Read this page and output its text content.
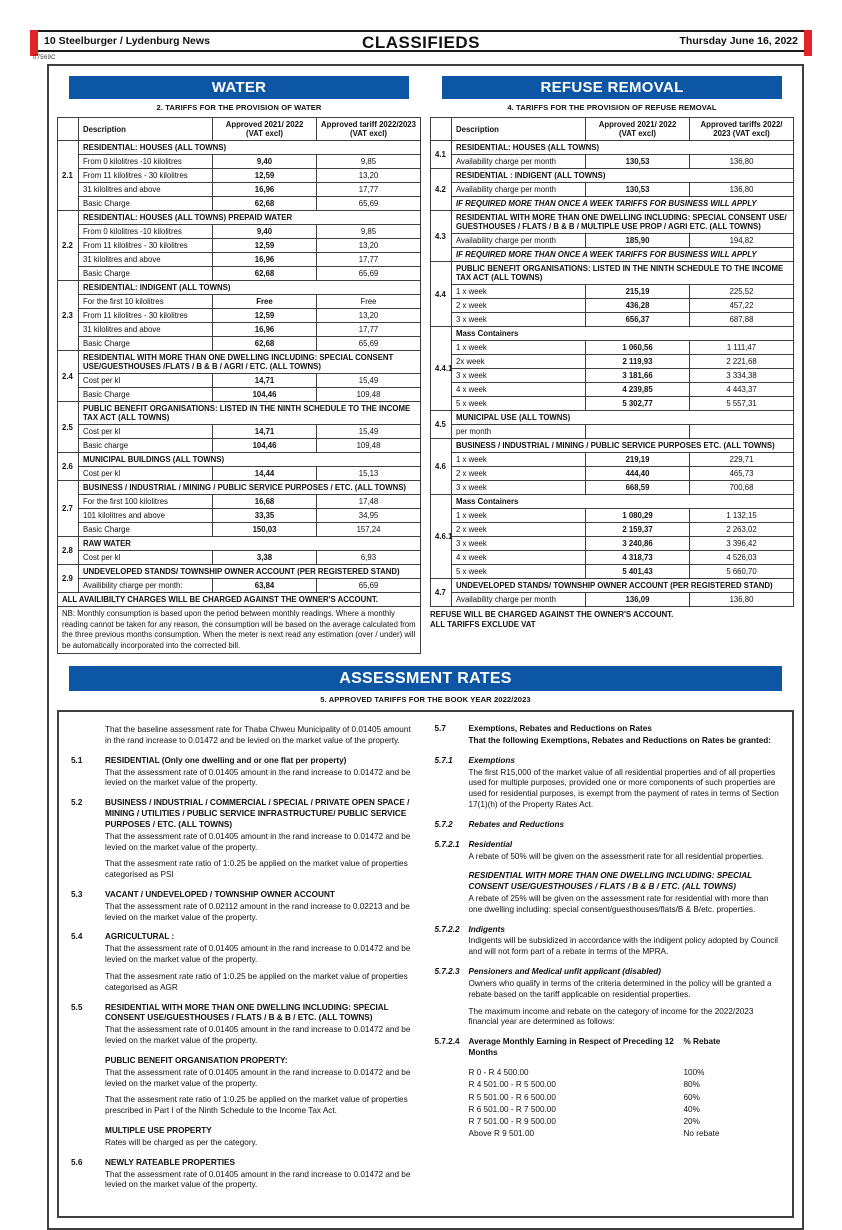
10 Steelburger / Lydenburg News	CLASSIFIEDS	Thursday June 16, 2022
07569C
WATER
2. TARIFFS FOR THE PROVISION OF WATER
	Description	Approved 2021/ 2022 (VAT excl)	Approved tariff 2022/2023 (VAT excl)
2.1	RESIDENTIAL: HOUSES (ALL TOWNS)		
	From 0 kilolitres -10 kilolitres	9,40	9,85
	From 11 kilolitres - 30 kilolitres	12,59	13,20
	31 kilolitres and above	16,96	17,77
	Basic Charge	62,68	65,69
2.2	RESIDENTIAL: HOUSES (ALL TOWNS) PREPAID WATER		
	From 0 kilolitres -10 kilolitres	9,40	9,85
	From 11 kilolitres - 30 kilolitres	12,59	13,20
	31 kilolitres and above	16,96	17,77
	Basic Charge	62,68	65,69
2.3	RESIDENTIAL: INDIGENT (ALL TOWNS)		
	For the first 10 kilolitres	Free	Free
	From 11 kilolitres - 30 kilolitres	12,59	13,20
	31 kilolitres and above	16,96	17,77
	Basic Charge	62,68	65,69
2.4	RESIDENTIAL WITH MORE THAN ONE DWELLING INCLUDING: SPECIAL CONSENT USE/GUESTHOUSES /FLATS / B & B / AGRI / ETC. (ALL TOWNS)		
	Cost per kl	14,71	15,49
	Basic Charge	104,46	109,48
2.5	PUBLIC BENEFIT ORGANISATIONS: LISTED IN THE NINTH SCHEDULE TO THE INCOME TAX ACT (ALL TOWNS)		
	Cost per kl	14,71	15,49
	Basic charge	104,46	109,48
2.6	MUNICIPAL BUILDINGS (ALL TOWNS)		
	Cost per kl	14,44	15,13
2.7	BUSINESS / INDUSTRIAL / MINING / PUBLIC SERVICE PURPOSES / ETC. (ALL TOWNS)		
	For the first 100 kilolitres	16,68	17,48
	101 kilolitres and above	33,35	34,95
	Basic Charge	150,03	157,24
2.8	RAW WATER		
	Cost per kl	3,38	6,93
2.9	UNDEVELOPED STANDS/ TOWNSHIP OWNER ACCOUNT (PER REGISTERED STAND)		
	Availibility charge per month:	63,84	65,69
ALL AVAILIBILTY CHARGES WILL BE CHARGED AGAINST THE OWNER'S ACCOUNT.			
NB: Monthly consumption is based upon the period between monthly readings. Where a monthly reading cannot be taken for any reason, the consumption will be based on the average calculated from the three previous months consumption. When the meter is next read any estimation (over / under) will be automatically incorporated into the corrected bill.			
REFUSE REMOVAL
4. TARIFFS FOR THE PROVISION OF REFUSE REMOVAL
	Description	Approved 2021/ 2022 (VAT excl)	Approved tariffs 2022/ 2023 (VAT excl)
4.1	RESIDENTIAL: HOUSES (ALL TOWNS)		
	Availability charge per month	130,53	136,80
4.2	RESIDENTIAL : INDIGENT (ALL TOWNS)		
	Availability charge per month	130,53	136,80
	IF REQUIRED MORE THAN ONCE A WEEK TARIFFS FOR BUSINESS WILL APPLY		
4.3	RESIDENTIAL WITH MORE THAN ONE DWELLING INCLUDING: SPECIAL CONSENT USE/ GUESTHOUSES / FLATS / B & B / MULTIPLE USE PROP / AGRI ETC. (ALL TOWNS)		
	Availability charge per month	185,90	194,82
	IF REQUIRED MORE THAN ONCE A WEEK TARIFFS FOR BUSINESS WILL APPLY		
4.4	PUBLIC BENEFIT ORGANISATIONS: LISTED IN THE NINTH SCHEDULE TO THE INCOME TAX ACT (ALL TOWNS)		
	1 x week	215,19	225,52
	2 x week	436,28	457,22
	3 x week	656,37	687,88
4.4.1	Mass Containers		
	1 x week	1 060,56	1 111,47
	2x week	2 119,93	2 221,68
	3 x week	3 181,66	3 334,38
	4 x week	4 239,85	4 443,37
	5 x week	5 302,77	5 557,31
4.5	MUNICIPAL USE (ALL TOWNS)		
	per month		
4.6	BUSINESS / INDUSTRIAL / MINING / PUBLIC SERVICE PURPOSES ETC. (ALL TOWNS)		
	1 x week	219,19	229,71
	2 x week	444,40	465,73
	3 x week	668,59	700,68
4.6.1	Mass Containers		
	1 x week	1 080,29	1 132,15
	2 x week	2 159,37	2 263,02
	3 x week	3 240,86	3 396,42
	4 x week	4 318,73	4 526,03
	5 x week	5 401,43	5 660,70
4.7	UNDEVELOPED STANDS/ TOWNSHIP OWNER ACCOUNT (PER REGISTERED STAND)		
	Availability charge per month	136,09	136,80
REFUSE WILL BE CHARGED AGAINST THE OWNER'S ACCOUNT.
ALL TARIFFS EXCLUDE VAT
ASSESSMENT RATES
5. APPROVED TARIFFS FOR THE BOOK YEAR 2022/2023

That the baseline assessment rate for Thaba Chweu Municipality of 0.01405 amount in the rand increase to 0.01472 and be levied on the market value of the property.

5.1	RESIDENTIAL (Only one dwelling and or one flat per property)

That the assessment rate of 0.01405 amount in the rand increase to 0.01472 and be levied on the market value of the property.

5.2	BUSINESS / INDUSTRIAL / COMMERCIAL / SPECIAL / PRIVATE OPEN SPACE / MINING / UTILITIES / PUBLIC SERVICE INFRASTRUCTURE/ PUBLIC SERVICE PURPOSES / ETC. (ALL TOWNS)

That the assessment rate of 0.01405 amount in the rand increase to 0.01472 and be levied on the market value of the property.

That the assesment rate ratio of 1:0.25 be applied on the market value of properties categorised as PSI

5.3	VACANT / UNDEVELOPED / TOWNSHIP OWNER ACCOUNT

That the assessment rate of 0.02112 amount in the rand increase to 0.02213 and be levied on the market value of the property.

5.4	AGRICULTURAL :

That the assessment rate of 0.01405 amount in the rand increase to 0.01472 and be levied on the market value of the property.

That the assesment rate ratio of 1:0.25 be applied on the market value of properties categorised as AGR

5.5	RESIDENTIAL WITH MORE THAN ONE DWELLING INCLUDING: SPECIAL CONSENT USE/GUESTHOUSES / FLATS / B & B / ETC. (ALL TOWNS)

That the assessment rate of 0.01405 amount in the rand increase to 0.01472 and be levied on the market value of the property.

PUBLIC BENEFIT ORGANISATION PROPERTY:

That the assessment rate of 0.01405 amount in the rand increase to 0.01472 and be levied on the market value of the property.

That the assesment rate ratio of 1:0.25 be applied on the market value of properties prescribed in Part I of the Ninth Schedule to the Income Tax Act.

MULTIPLE USE PROPERTY

Rates will be charged as per the category.

5.6	NEWLY RATEABLE PROPERTIES

That the assessment rate of 0.01405 amount in the rand increase to 0.01472 and be levied on the market value of the property.

5.7	Exemptions, Rebates and Reductions on Rates

That the following Exemptions, Rebates and Reductions on Rates be granted:

5.7.1	Exemptions

The first R15,000 of the market value of all residential properties and of all properties used for multiple purposes, provided one or more components of such properties are used for residential purposes, is exempt from the payment of rates in terms of Section 17(1)(h) of the Property Rates Act.

5.7.2	Rebates and Reductions
5.7.2.1	Residential

A rebate of 50% will be given on the assessment rate for all residential properties.

RESIDENTIAL WITH MORE THAN ONE DWELLING INCLUDING: SPECIAL CONSENT USE/GUESTHOUSES / FLATS / B & B / ETC. (ALL TOWNS)

A rebate of 25% will be given on the assessment rate for residential with more than one dwelling including: special consent/guesthouses/flats/B & B/etc. properties.

5.7.2.2	Indigents

Indigents will be subsidized in accordance with the indigent policy adopted by Council and will not form part of a rebate in terms of the MPRA.

5.7.2.3	Pensioners and Medical unfit applicant (disabled)

Owners who qualify in terms of the criteria determined in the policy will be granted a rebate based on the tariff applicable on residential properties.

The maximum income and rebate on the category of income for the 2022/2023 financial year are determined as follows:

5.7.2.4	Average Monthly Earning in Respect of Preceding 12 Months
% Rebate
R 0 - R 4 500.00	100%
R 4 501.00 - R 5 500.00	80%
R 5 501.00 - R 6 500.00	60%
R 6 501.00 - R 7 500.00	40%
R 7 501.00 - R 9 500.00	20%
Above R 9 501.00	No rebate
